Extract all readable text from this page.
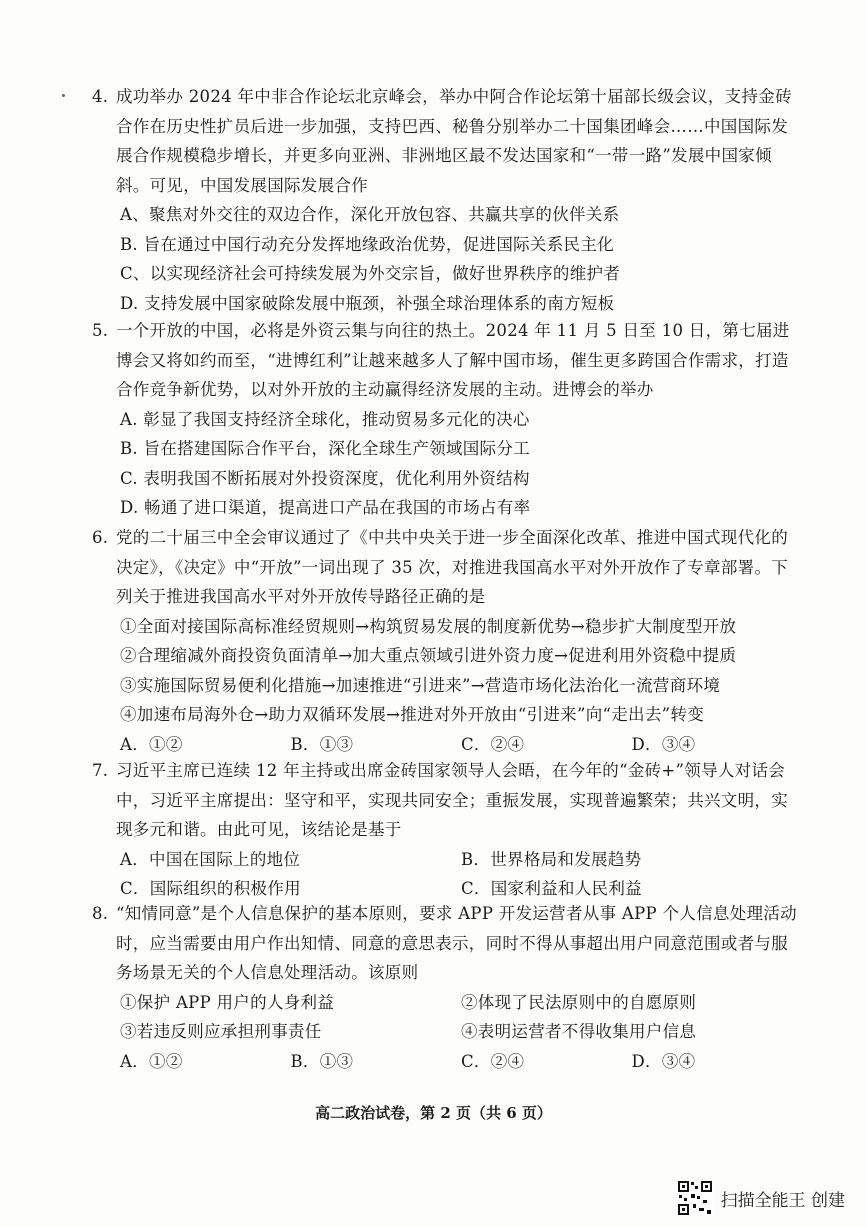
4. 成功举办 2024 年中非合作论坛北京峰会，举办中阿合作论坛第十届部长级会议，支持金砖合作在历史性扩员后进一步加强，支持巴西、秘鲁分别举办二十国集团峰会……中国国际发展合作规模稳步增长，并更多向亚洲、非洲地区最不发达国家和“一带一路”发展中国家倾斜。可见，中国发展国际发展合作
A、聚焦对外交往的双边合作，深化开放包容、共赢共享的伙伴关系
B. 旨在通过中国行动充分发挥地缘政治优势，促进国际关系民主化
C、以实现经济社会可持续发展为外交宗旨，做好世界秩序的维护者
D. 支持发展中国家破除发展中瓶颈，补强全球治理体系的南方短板
5. 一个开放的中国，必将是外资云集与向往的热土。2024 年 11 月 5 日至 10 日，第七届进博会又将如约而至，“进博红利”让越来越多人了解中国市场，催生更多跨国合作需求，打造合作竞争新优势，以对外开放的主动赢得经济发展的主动。进博会的举办
A. 彰显了我国支持经济全球化，推动贸易多元化的决心
B. 旨在搭建国际合作平台，深化全球生产领域国际分工
C. 表明我国不断拓展对外投资深度，优化利用外资结构
D. 畅通了进口渠道，提高进口产品在我国的市场占有率
6. 党的二十届三中全会审议通过了《中共中央关于进一步全面深化改革、推进中国式现代化的决定》，《决定》中“开放”一词出现了 35 次，对推进我国高水平对外开放作了专章部署。下列关于推进我国高水平对外开放传导路径正确的是
①全面对接国际高标准经贸规则→构筑贸易发展的制度新优势→稳步扩大制度型开放
②合理缩减外商投资负面清单→加大重点领域引进外资力度→促进利用外资稳中提质
③实施国际贸易便利化措施→加速推进“引进来”→营造市场化法治化一流营商环境
④加速布局海外仓→助力双循环发展→推进对外开放由“引进来”向“走出去”转变
A．①②	B．①③	C．②④	D．③④
7. 习近平主席已连续 12 年主持或出席金砖国家领导人会晤，在今年的“金砖+”领导人对话会中，习近平主席提出：坚守和平，实现共同安全；重振发展，实现普遍繁荣；共兴文明，实现多元和谐。由此可见，该结论是基于
A．中国在国际上的地位	B．世界格局和发展趋势
C．国际组织的积极作用	C．国家利益和人民利益
8. “知情同意”是个人信息保护的基本原则，要求 APP 开发运营者从事 APP 个人信息处理活动时，应当需要由用户作出知情、同意的意思表示，同时不得从事超出用户同意范围或者与服务场景无关的个人信息处理活动。该原则
①保护 APP 用户的人身利益	②体现了民法原则中的自愿原则
③若违反则应承担刑事责任	④表明运营者不得收集用户信息
A．①②	B．①③	C．②④	D．③④
高二政治试卷，第 2 页（共 6 页）
扫描全能王 创建
